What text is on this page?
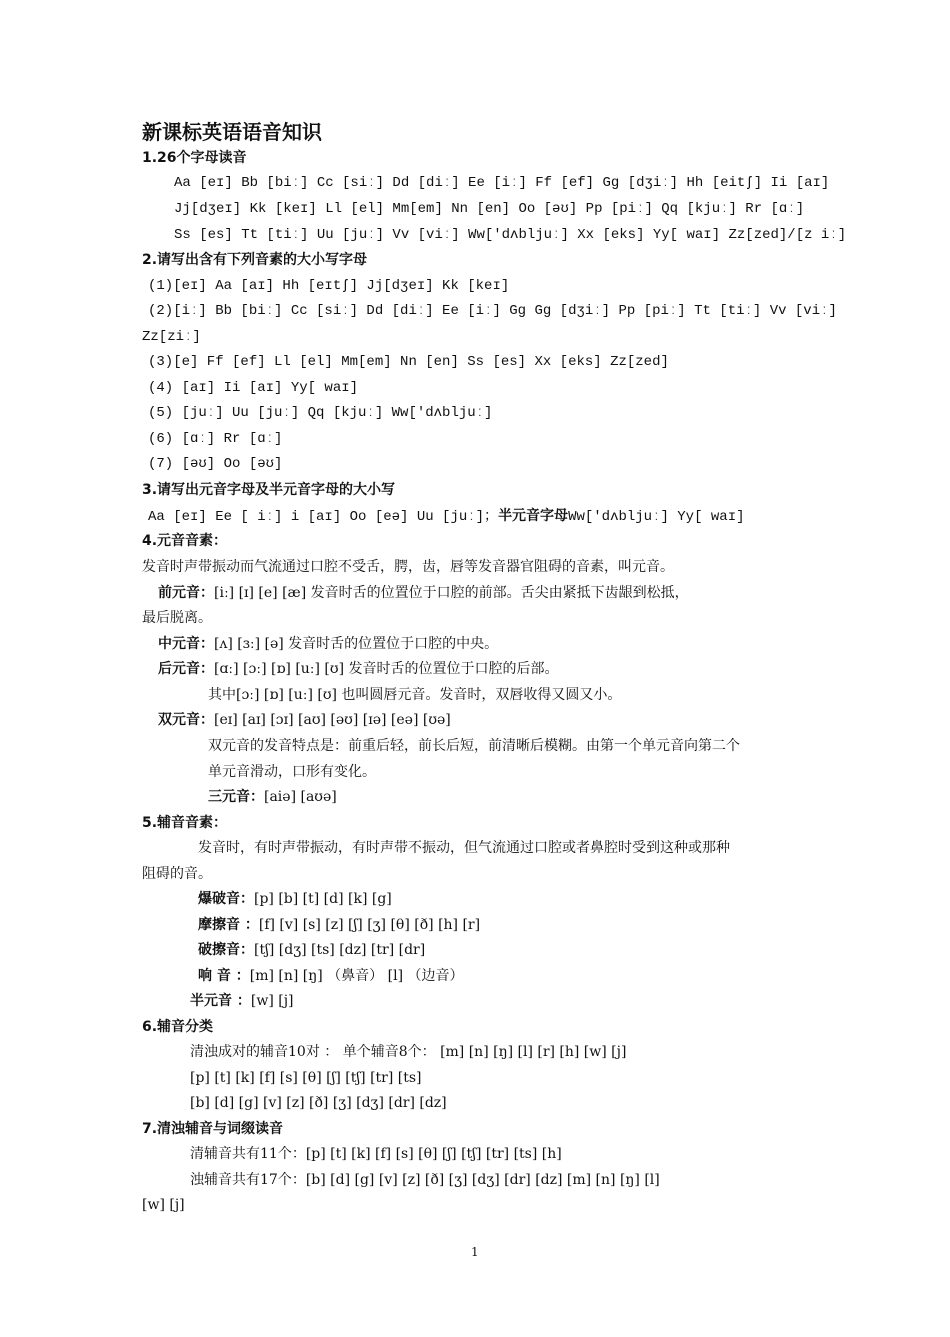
新课标英语语音知识
1.26个字母读音
Aa [eɪ] Bb [biː] Cc [siː] Dd [diː] Ee [iː] Ff [ef] Gg [dʒiː] Hh [eitʃ] Ii [aɪ]
Jj[dʒeɪ] Kk [keɪ] Ll [el] Mm[em] Nn [en] Oo [əʊ] Pp [piː] Qq [kjuː] Rr [ɑː]
Ss [es] Tt [tiː] Uu [juː] Vv [viː] Ww['dʌbljuː] Xx [eks] Yy[ waɪ] Zz[zed]/[z iː]
2.请写出含有下列音素的大小写字母
(1)[eɪ] Aa [aɪ] Hh [eɪtʃ] Jj[dʒeɪ] Kk [keɪ]
(2)[iː] Bb [biː] Cc [siː] Dd [diː] Ee [iː] Gg Gg [dʒiː] Pp [piː] Tt [tiː] Vv [viː]
Zz[ziː]
(3)[e] Ff [ef] Ll [el] Mm[em] Nn [en] Ss [es] Xx [eks] Zz[zed]
(4) [aɪ] Ii [aɪ] Yy[ waɪ]
(5) [juː] Uu [juː] Qq [kjuː] Ww['dʌbljuː]
(6) [ɑː] Rr [ɑː]
(7) [əʊ] Oo [əʊ]
3.请写出元音字母及半元音字母的大小写
Aa [eɪ] Ee [ iː] i [aɪ] Oo [eə] Uu [juː]；半元音字母Ww['dʌbljuː] Yy[ waɪ]
4.元音音素：
发音时声带振动而气流通过口腔不受舌，腭，齿，唇等发音器官阻碍的音素，叫元音。
前元音：[iː] [ɪ] [e] [æ] 发音时舌的位置位于口腔的前部。舌尖由紧抵下齿龈到松抵，
最后脱离。
中元音：[ʌ] [ɜː] [ə] 发音时舌的位置位于口腔的中央。
后元音：[ɑː] [ɔː] [ɒ] [uː] [ʊ] 发音时舌的位置位于口腔的后部。
其中[ɔː] [ɒ] [uː] [ʊ] 也叫圆唇元音。发音时，双唇收得又圆又小。
双元音：[eɪ] [aɪ] [ɔɪ] [aʊ] [əʊ] [ɪə] [eə] [ʊə]
双元音的发音特点是：前重后轻，前长后短，前清晰后模糊。由第一个单元音向第二个
单元音滑动，口形有变化。
三元音：[aiə] [aʊə]
5.辅音音素：
发音时，有时声带振动，有时声带不振动，但气流通过口腔或者鼻腔时受到这种或那种
阻碍的音。
爆破音：[p] [b] [t] [d] [k] [g]
摩擦音 ：[f] [v] [s] [z] [ʃ] [ʒ] [θ] [ð] [h] [r]
破擦音：[tʃ] [dʒ] [ts] [dz] [tr] [dr]
响 音 ：[m] [n] [ŋ] （鼻音） [l] （边音）
半元音 ：[w] [j]
6.辅音分类
清浊成对的辅音10对 ： 单个辅音8个： [m] [n] [ŋ] [l] [r] [h] [w] [j]
[p] [t] [k] [f] [s] [θ] [ʃ] [tʃ] [tr] [ts]
[b] [d] [g] [v] [z] [ð] [ʒ] [dʒ] [dr] [dz]
7.清浊辅音与词缀读音
清辅音共有11个：[p] [t] [k] [f] [s] [θ] [ʃ] [tʃ] [tr] [ts] [h]
浊辅音共有17个：[b] [d] [g] [v] [z] [ð] [ʒ] [dʒ] [dr] [dz] [m] [n] [ŋ] [l]
[w] [j]
1
